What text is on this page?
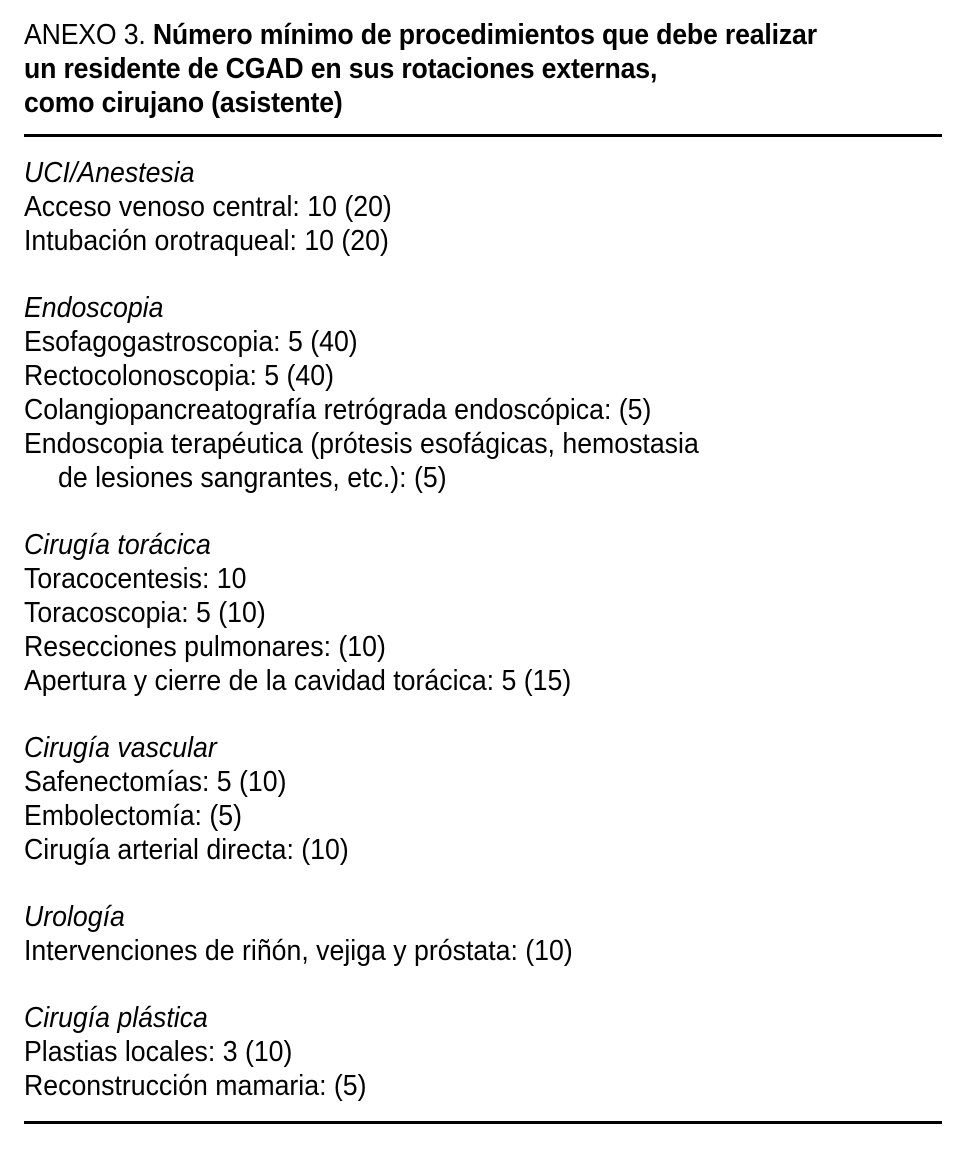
ANEXO 3. Número mínimo de procedimientos que debe realizar
un residente de CGAD en sus rotaciones externas,
como cirujano (asistente)

UCI/Anestesia

Acceso venoso central: 10 (20)

Intubación orotraqueal: 10 (20)

Endoscopia

Esofagogastroscopia: 5 (40)

Rectocolonoscopia: 5 (40)

Colangiopancreatografía retrógrada endoscópica: (5)

Endoscopia terapéutica (prótesis esofágicas, hemostasia
de lesiones sangrantes, etc.): (5)

Cirugía torácica

Toracocentesis: 10

Toracoscopia: 5 (10)

Resecciones pulmonares: (10)

Apertura y cierre de la cavidad torácica: 5 (15)

Cirugía vascular

Safenectomías: 5 (10)

Embolectomía: (5)

Cirugía arterial directa: (10)

Urología

Intervenciones de riñón, vejiga y próstata: (10)

Cirugía plástica

Plastias locales: 3 (10)

Reconstrucción mamaria: (5)
